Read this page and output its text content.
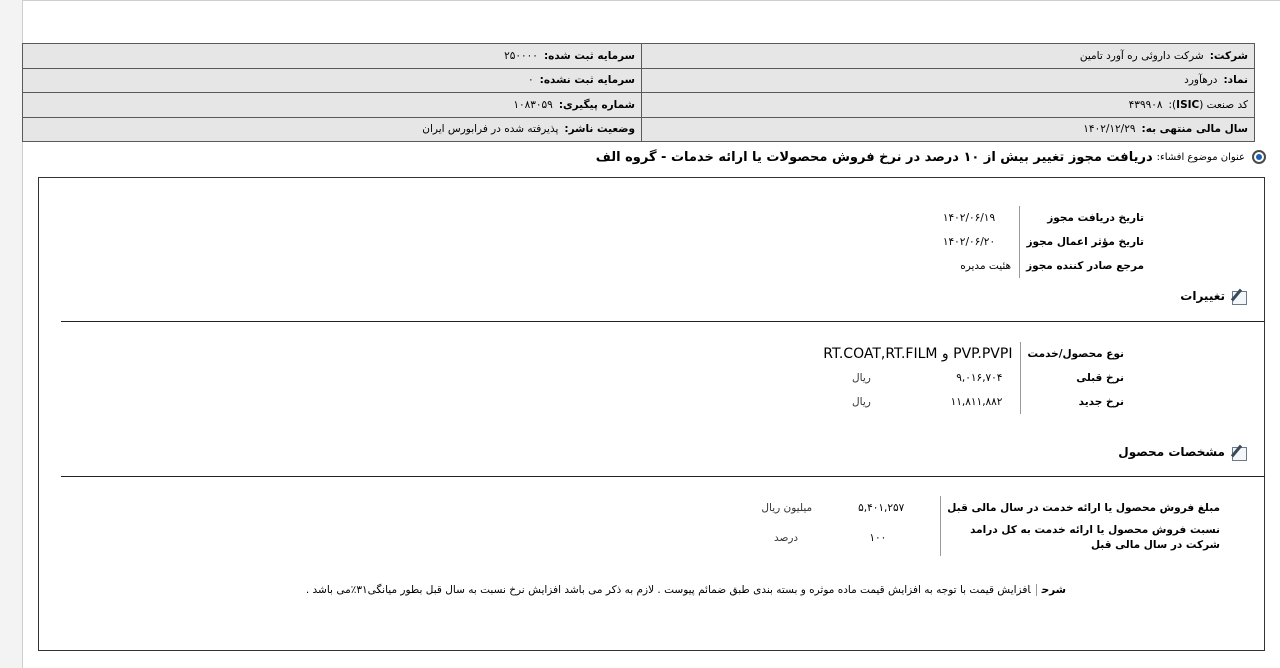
شرکت:شرکت داروئی ره آورد تامین	سرمایه ثبت شده:۲۵۰۰۰۰
نماد:درهآورد	سرمایه ثبت نشده:۰
کد صنعت (ISIC):۴۳۹۹۰۸	شماره پیگیری:۱۰۸۳۰۵۹
سال مالی منتهی به:۱۴۰۲/۱۲/۲۹	وضعیت ناشر:پذیرفته شده در فرابورس ایران
عنوان موضوع افشاء:
دریافت مجوز تغییر بیش از ۱۰ درصد در نرخ فروش محصولات یا ارائه خدمات - گروه الف
تاریخ دریافت مجوز	۱۴۰۲/۰۶/۱۹
تاریخ مؤثر اعمال مجوز	۱۴۰۲/۰۶/۲۰
مرجع صادر کننده مجوز	هئیت مدیره
تغییرات
نوع محصول/خدمت	RT.COAT,RT.FILM و PVP.PVPI	
نرخ قبلی	۹,۰۱۶,۷۰۴	ریال
نرخ جدید	۱۱,۸۱۱,۸۸۲	ریال
مشخصات محصول
مبلغ فروش محصول یا ارائه خدمت در سال مالی قبل	۵,۴۰۱,۲۵۷	میلیون ریال

نسبت فروش محصول یا ارائه خدمت به کل درامد
شرکت در سال مالی قبل	۱۰۰	درصد
شرحافزایش قیمت با توجه به افزایش قیمت ماده موثره و بسته بندی طبق ضمائم پیوست . لازم به ذکر می باشد افزایش نرخ نسبت به سال قبل بطور میانگی۳۱٪می باشد .
